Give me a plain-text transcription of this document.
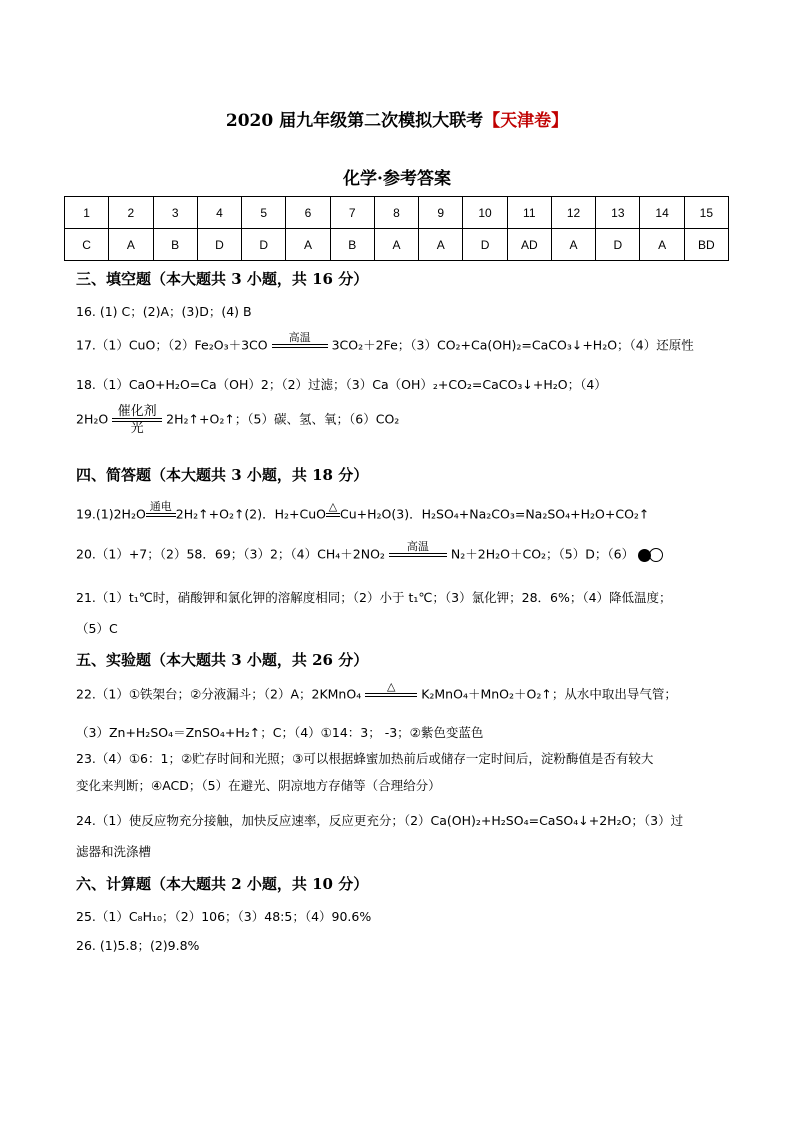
2020 届九年级第二次模拟大联考【天津卷】
化学·参考答案
1	2	3	4	5	6	7	8	9	10	11	12	13	14	15
C	A	B	D	D	A	B	A	A	D	AD	A	D	A	BD
三、填空题（本大题共 3 小题，共 16 分）
16. (1) C；(2)A；(3)D；(4) B
17.（1）CuO；（2）Fe₂O₃＋3CO	高温
	3CO₂＋2Fe；（3）CO₂+Ca(OH)₂=CaCO₃↓+H₂O；（4）还原性
18.（1）CaO+H₂O=Ca（OH）2；（2）过滤；（3）Ca（OH）₂+CO₂=CaCO₃↓+H₂O；（4）
2H₂O 催化剂
光
2H₂↑+O₂↑；（5）碳、氢、氧；（6）CO₂
四、简答题（本大题共 3 小题，共 18 分）
19.(1)2H₂O 通电
2H₂↑+O₂↑(2)．H₂+CuO △
Cu+H₂O(3)．H₂SO₄+Na₂CO₃=Na₂SO₄+H₂O+CO₂↑
20.（1）+7；（2）58．69；（3）2；（4）CH₄＋2NO₂	高温
	N₂＋2H₂O＋CO₂；（5）D；（6）
21.（1）t₁℃时，硝酸钾和氯化钾的溶解度相同；（2）小于 t₁℃；（3）氯化钾；28．6%；（4）降低温度；
（5）C
五、实验题（本大题共 3 小题，共 26 分）
22.（1）①铁架台；②分液漏斗；（2）A；2KMnO₄	△
	K₂MnO₄＋MnO₂＋O₂↑；从水中取出导气管；
（3）Zn+H₂SO₄＝ZnSO₄+H₂↑；C；（4）①14：3； -3；②紫色变蓝色
23.（4）①6：1；②贮存时间和光照；③可以根据蜂蜜加热前后或储存一定时间后，淀粉酶值是否有较大
变化来判断；④ACD；（5）在避光、阴凉地方存储等（合理给分）
24.（1）使反应物充分接触，加快反应速率，反应更充分；（2）Ca(OH)₂+H₂SO₄=CaSO₄↓+2H₂O；（3）过
滤器和洗涤槽
六、计算题（本大题共 2 小题，共 10 分）
25.（1）C₈H₁₀；（2）106；（3）48:5；（4）90.6%
26. (1)5.8；(2)9.8%
